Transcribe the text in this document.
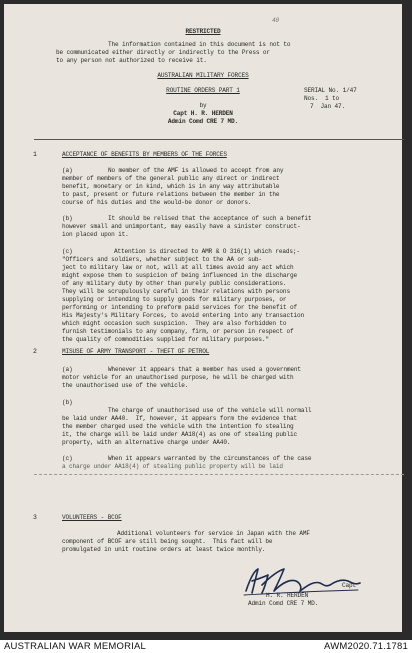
40
RESTRICTED
The information contained in this document is not to
be communicated either directly or indirectly to the Press or
to any person not authorized to receive it.
AUSTRALIAN MILITARY FORCES
ROUTINE ORDERS PART 1	SERIAL No. 1/47
Nos.  1 to
7  Jan 47.
by
Capt H. R. HERDEN
Admin Comd CRE 7 MD.
1	ACCEPTANCE OF BENEFITS BY MEMBERS OF THE FORCES
(a)	No member of the AMF is allowed to accept from any
member of members of the general public any direct or indirect
benefit, monetary or in kind, which is in any way attributable
to past, present or future relations between the member in the
course of his duties and the would-be donor or donors.
(b)	It should be relised that the acceptance of such a benefit
however small and unimportant, may easily have a sinister construct-
ion placed upon it.
(c)	Attention is directed to AMR & O 316(1) which reads;-
"Officers and soldiers, whether subject to the AA or sub-
ject to military law or not, will at all times avoid any act which
might expose them to suspicion of being influenced in the discharge
of any military duty by other than purely public considerations.
They will be scrupulously careful in their relations with persons
supplying or intending to supply goods for military purposes, or
performing or intending to preform paid services for the benefit of
His Majesty's Military Forces, to avoid entering into any transaction
which might occasion such suspicion.  They are also forbidden to
furnish testimonials to any company, firm, or person in respect of
the quality of commodities supplied for military purposes."
2	MISUSE OF ARMY TRANSPORT - THEFT OF PETROL
(a)	Whenever it appears that a member has used a government
motor vehicle for an unauthorised purpose, he will be charged with
the unauthorised use of the vehicle.
(b)
The charge of unauthorised use of the vehicle will normall
be laid under AA40.  If, however, it appears form the evidence that
the member charged used the vehicle with the intention fo stealing
it, the charge will be laid under AA18(4) as one of stealing public
property, with an alternative charge under AA40.
(c)	When it appears warranted by the circumstances of the case
a charge under AA18(4) of stealing public property will be laid
3	VOLUNTEERS - BCOF
Additional volunteers for service in Japan with the AMF
component of BCOF are still being sought.  This fact will be
promulgated in unit routine orders at least twice monthly.
Capt
H. R. HERDEN
Admin Comd CRE 7 MD.
AUSTRALIAN WAR MEMORIAL	AWM2020.71.1781
